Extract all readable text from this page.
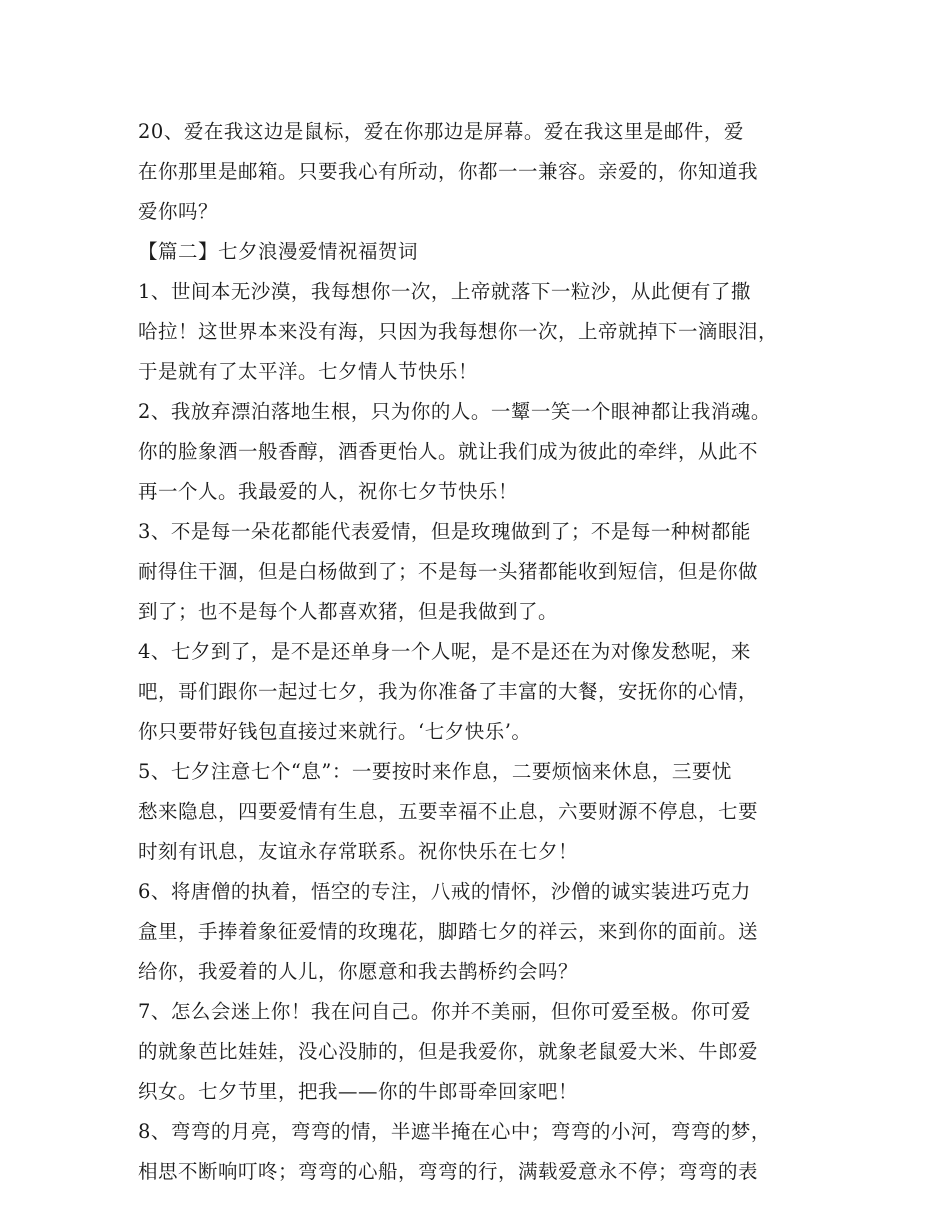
20、爱在我这边是鼠标，爱在你那边是屏幕。爱在我这里是邮件，爱
在你那里是邮箱。只要我心有所动，你都一一兼容。亲爱的，你知道我
爱你吗？
【篇二】七夕浪漫爱情祝福贺词
1、世间本无沙漠，我每想你一次，上帝就落下一粒沙，从此便有了撒
哈拉！这世界本来没有海，只因为我每想你一次，上帝就掉下一滴眼泪，
于是就有了太平洋。七夕情人节快乐！
2、我放弃漂泊落地生根，只为你的人。一颦一笑一个眼神都让我消魂。
你的脸象酒一般香醇，酒香更怡人。就让我们成为彼此的牵绊，从此不
再一个人。我最爱的人，祝你七夕节快乐！
3、不是每一朵花都能代表爱情，但是玫瑰做到了；不是每一种树都能
耐得住干涸，但是白杨做到了；不是每一头猪都能收到短信，但是你做
到了；也不是每个人都喜欢猪，但是我做到了。
4、七夕到了，是不是还单身一个人呢，是不是还在为对像发愁呢，来
吧，哥们跟你一起过七夕，我为你准备了丰富的大餐，安抚你的心情，
你只要带好钱包直接过来就行。‘七夕快乐’。
5、七夕注意七个“息”：一要按时来作息，二要烦恼来休息，三要忧
愁来隐息，四要爱情有生息，五要幸福不止息，六要财源不停息，七要
时刻有讯息，友谊永存常联系。祝你快乐在七夕！
6、将唐僧的执着，悟空的专注，八戒的情怀，沙僧的诚实装进巧克力
盒里，手捧着象征爱情的玫瑰花，脚踏七夕的祥云，来到你的面前。送
给你，我爱着的人儿，你愿意和我去鹊桥约会吗？
7、怎么会迷上你！我在问自己。你并不美丽，但你可爱至极。你可爱
的就象芭比娃娃，没心没肺的，但是我爱你，就象老鼠爱大米、牛郎爱
织女。七夕节里，把我——你的牛郎哥牵回家吧！
8、弯弯的月亮，弯弯的情，半遮半掩在心中；弯弯的小河，弯弯的梦，
相思不断响叮咚；弯弯的心船，弯弯的行，满载爱意永不停；弯弯的表
